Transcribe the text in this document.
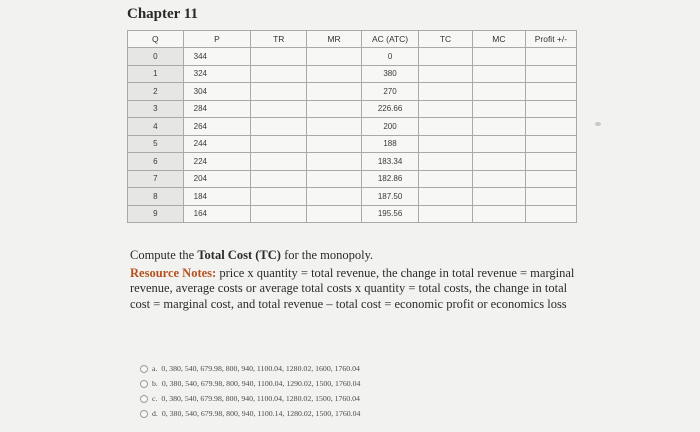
Chapter 11
Q	P	TR	MR	AC (ATC)	TC	MC	Profit +/-
0	344			0			
1	324			380			
2	304			270			
3	284			226.66			
4	264			200			
5	244			188			
6	224			183.34			
7	204			182.86			
8	184			187.50			
9	164			195.56			

Compute the Total Cost (TC) for the monopoly.

Resource Notes: price x quantity = total revenue, the change in total revenue = marginal revenue, average costs or average total costs x quantity = total costs, the change in total cost = marginal cost, and total revenue – total cost = economic profit or economics loss

a. 0, 380, 540, 679.98, 800, 940, 1100.04, 1280.02, 1600, 1760.04
b. 0, 380, 540, 679.98, 800, 940, 1100.04, 1290.02, 1500, 1760.04
c. 0, 380, 540, 679.98, 800, 940, 1100.04, 1280.02, 1500, 1760.04
d. 0, 380, 540, 679.98, 800, 940, 1100.14, 1280.02, 1500, 1760.04
